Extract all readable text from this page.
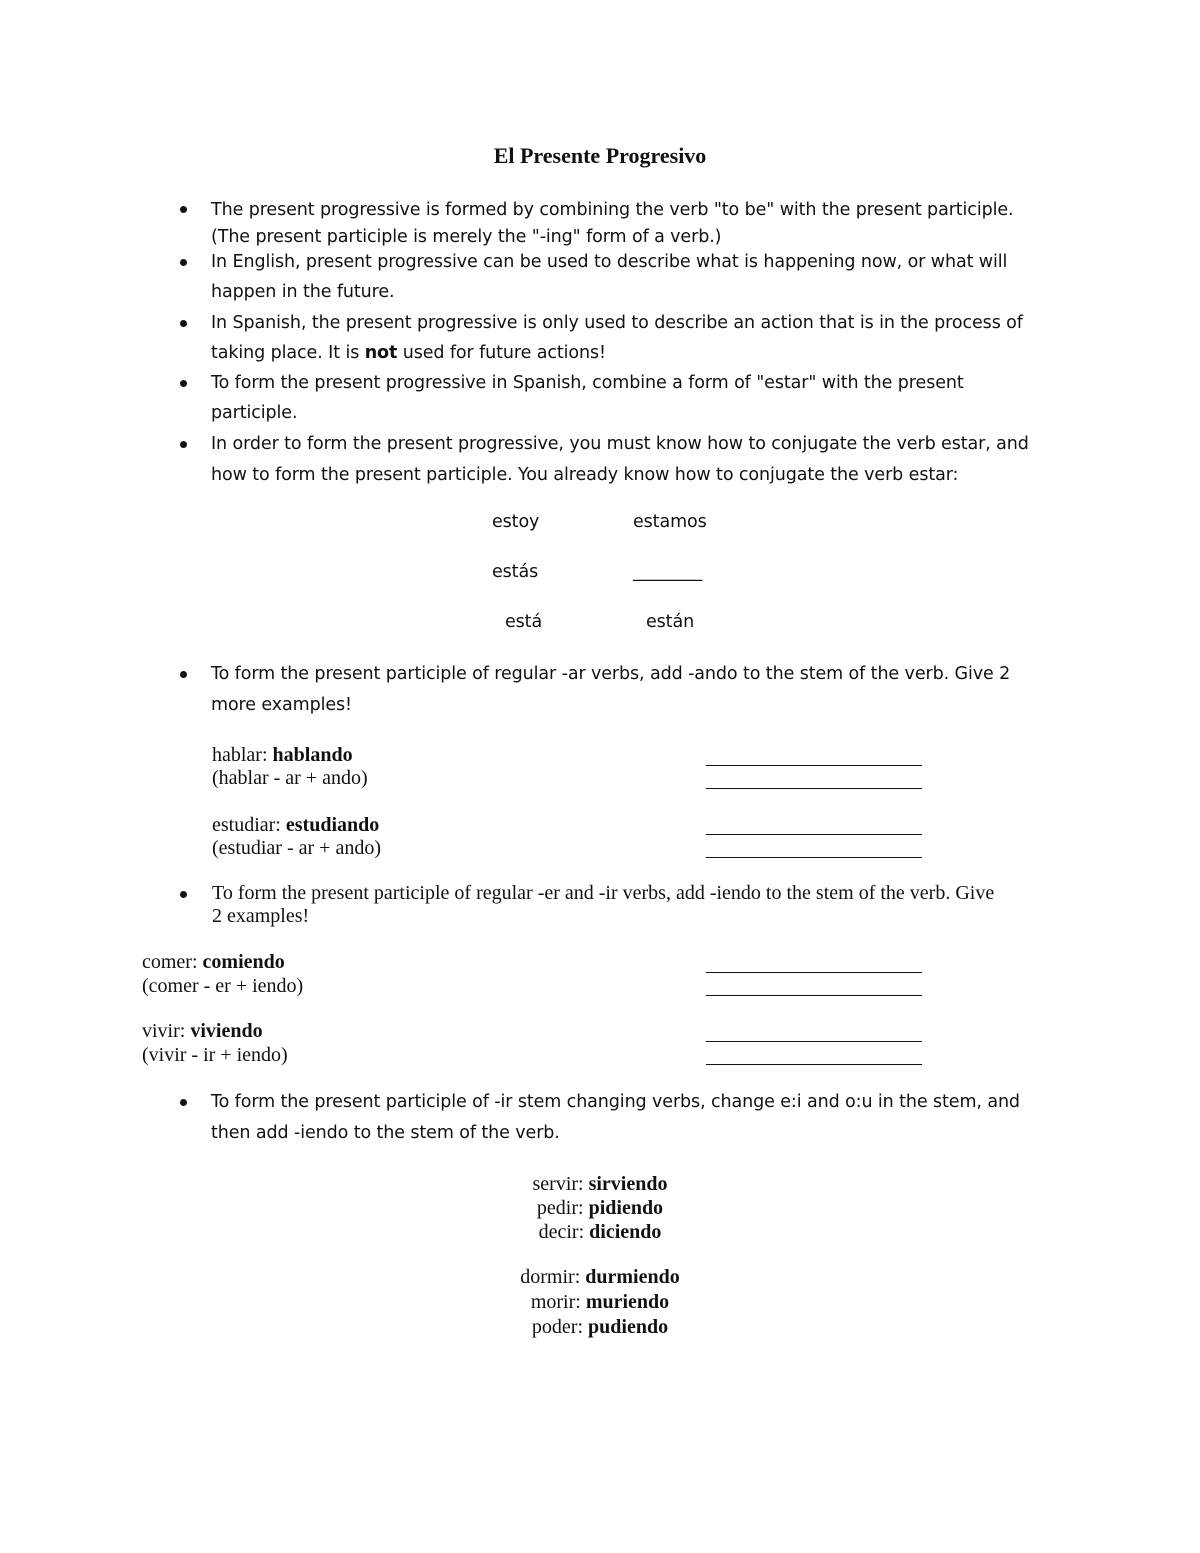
El Presente Progresivo
The present progressive is formed by combining the verb "to be" with the present participle.
(The present participle is merely the "-ing" form of a verb.)
In English, present progressive can be used to describe what is happening now, or what will
happen in the future.
In Spanish, the present progressive is only used to describe an action that is in the process of
taking place. It is not used for future actions!
To form the present progressive in Spanish, combine a form of "estar" with the present
participle.
In order to form the present progressive, you must know how to conjugate the verb estar, and
how to form the present participle. You already know how to conjugate the verb estar:
estoy	estamos
estás	________
está	están
To form the present participle of regular -ar verbs, add -ando to the stem of the verb. Give 2
more examples!
hablar: hablando
(hablar - ar + ando)
estudiar: estudiando
(estudiar - ar + ando)
To form the present participle of regular -er and -ir verbs, add -iendo to the stem of the verb. Give
2 examples!
comer: comiendo
(comer - er + iendo)
vivir: viviendo
(vivir - ir + iendo)
To form the present participle of -ir stem changing verbs, change e:i and o:u in the stem, and
then add -iendo to the stem of the verb.
servir: sirviendo
pedir: pidiendo
decir: diciendo
dormir: durmiendo
morir: muriendo
poder: pudiendo
